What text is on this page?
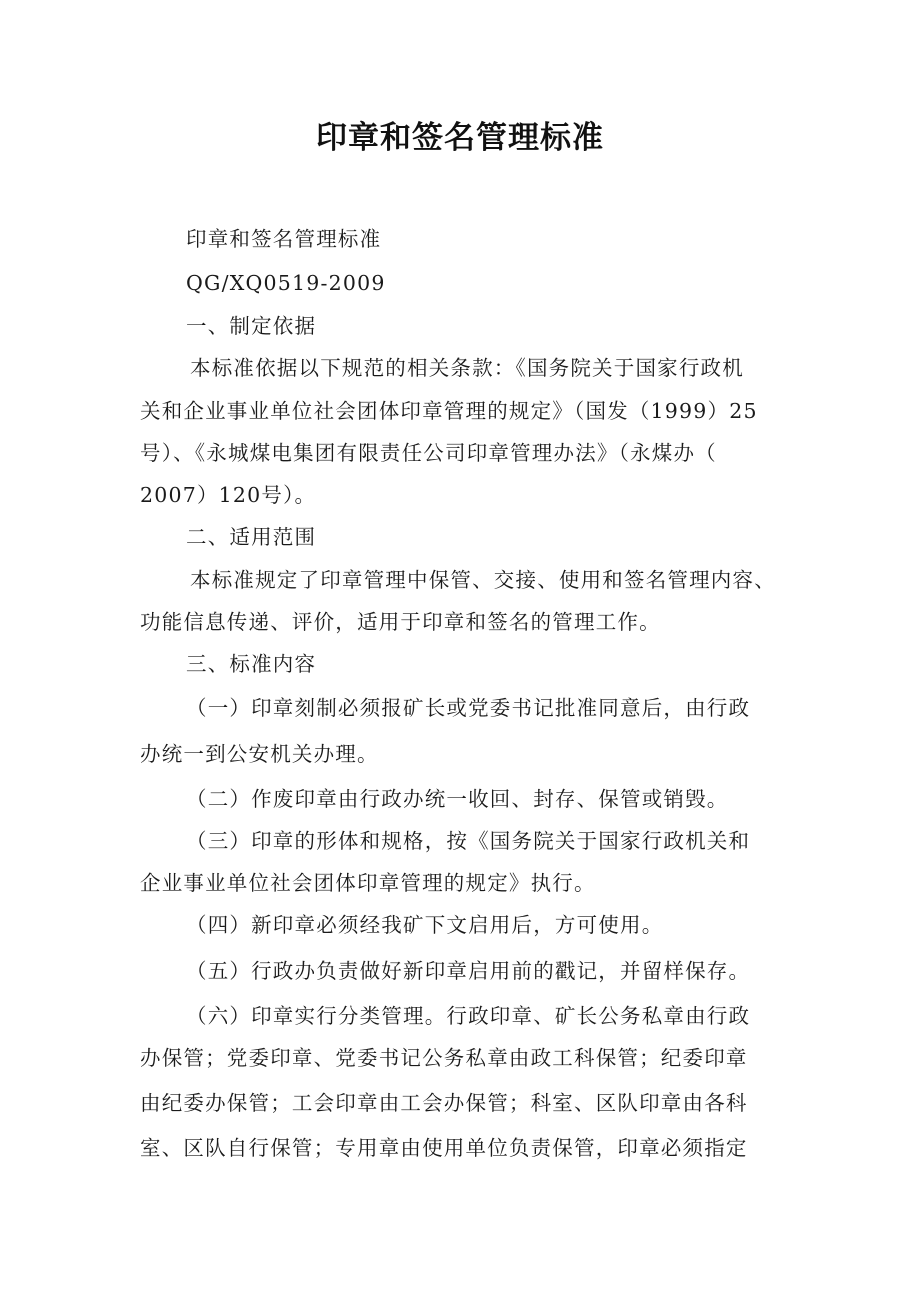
印章和签名管理标准
印章和签名管理标准
QG/XQ0519-2009
一、制定依据
本标准依据以下规范的相关条款：《国务院关于国家行政机
关和企业事业单位社会团体印章管理的规定》（国发（1999）25
号）、《永城煤电集团有限责任公司印章管理办法》（永煤办（
2007）120号）。
二、适用范围
本标准规定了印章管理中保管、交接、使用和签名管理内容、
功能信息传递、评价，适用于印章和签名的管理工作。
三、标准内容
（一）印章刻制必须报矿长或党委书记批准同意后，由行政
办统一到公安机关办理。
（二）作废印章由行政办统一收回、封存、保管或销毁。
（三）印章的形体和规格，按《国务院关于国家行政机关和
企业事业单位社会团体印章管理的规定》执行。
（四）新印章必须经我矿下文启用后，方可使用。
（五）行政办负责做好新印章启用前的戳记，并留样保存。
（六）印章实行分类管理。行政印章、矿长公务私章由行政
办保管；党委印章、党委书记公务私章由政工科保管；纪委印章
由纪委办保管；工会印章由工会办保管；科室、区队印章由各科
室、区队自行保管；专用章由使用单位负责保管，印章必须指定
